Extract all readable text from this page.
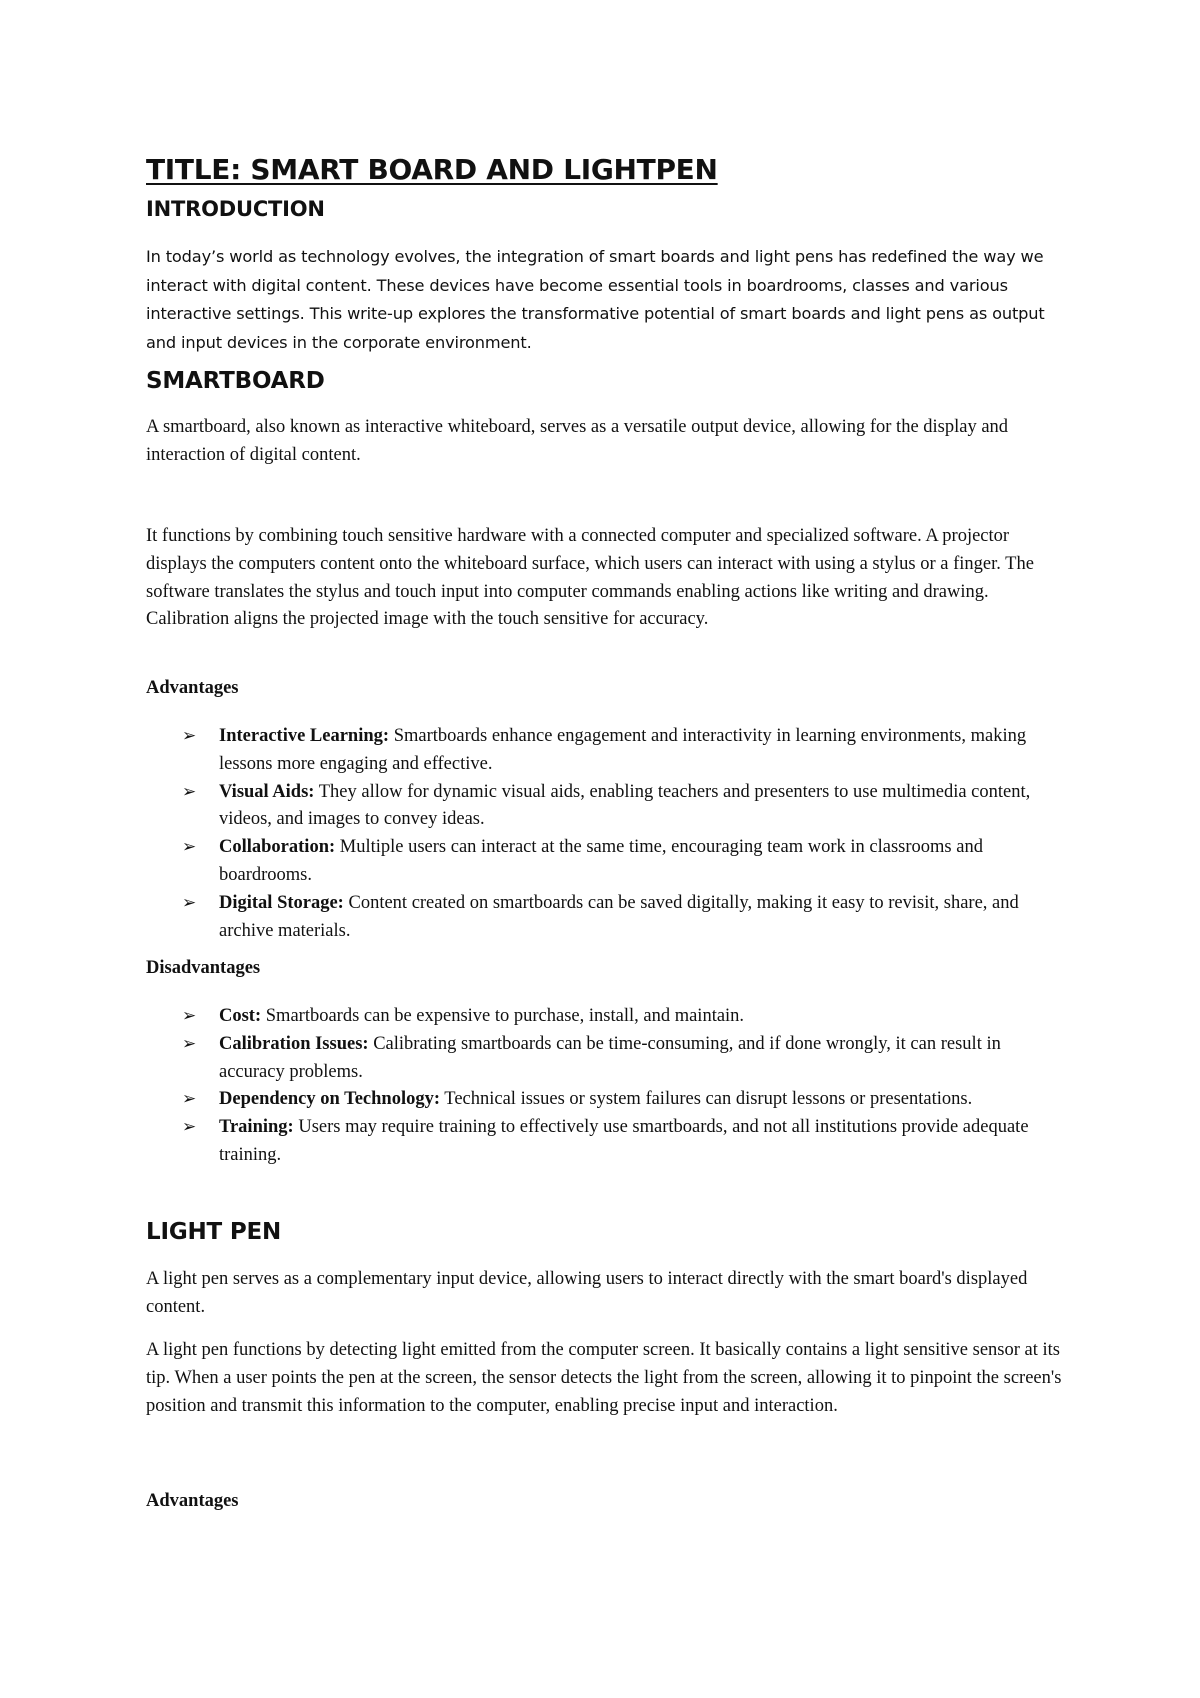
TITLE: SMART BOARD AND LIGHTPEN
INTRODUCTION

In today’s world as technology evolves, the integration of smart boards and light pens has redefined the way we interact with digital content. These devices have become essential tools in boardrooms, classes and various interactive settings. This write-up explores the transformative potential of smart boards and light pens as output and input devices in the corporate environment.

SMARTBOARD

A smartboard, also known as interactive whiteboard, serves as a versatile output device, allowing for the display and interaction of digital content.

It functions by combining touch sensitive hardware with a connected computer and specialized software. A projector displays the computers content onto the whiteboard surface, which users can interact with using a stylus or a finger. The software translates the stylus and touch input into computer commands enabling actions like writing and drawing. Calibration aligns the projected image with the touch sensitive for accuracy.

Advantages
➢ Interactive Learning: Smartboards enhance engagement and interactivity in learning environments, making lessons more engaging and effective.
➢ Visual Aids: They allow for dynamic visual aids, enabling teachers and presenters to use multimedia content, videos, and images to convey ideas.
➢ Collaboration: Multiple users can interact at the same time, encouraging team work in classrooms and boardrooms.
➢ Digital Storage: Content created on smartboards can be saved digitally, making it easy to revisit, share, and archive materials.
Disadvantages
➢ Cost: Smartboards can be expensive to purchase, install, and maintain.
➢ Calibration Issues: Calibrating smartboards can be time-consuming, and if done wrongly, it can result in accuracy problems.
➢ Dependency on Technology: Technical issues or system failures can disrupt lessons or presentations.
➢ Training: Users may require training to effectively use smartboards, and not all institutions provide adequate training.
LIGHT PEN

A light pen serves as a complementary input device, allowing users to interact directly with the smart board's displayed content.

A light pen functions by detecting light emitted from the computer screen. It basically contains a light sensitive sensor at its tip. When a user points the pen at the screen, the sensor detects the light from the screen, allowing it to pinpoint the screen's position and transmit this information to the computer, enabling precise input and interaction.

Advantages
